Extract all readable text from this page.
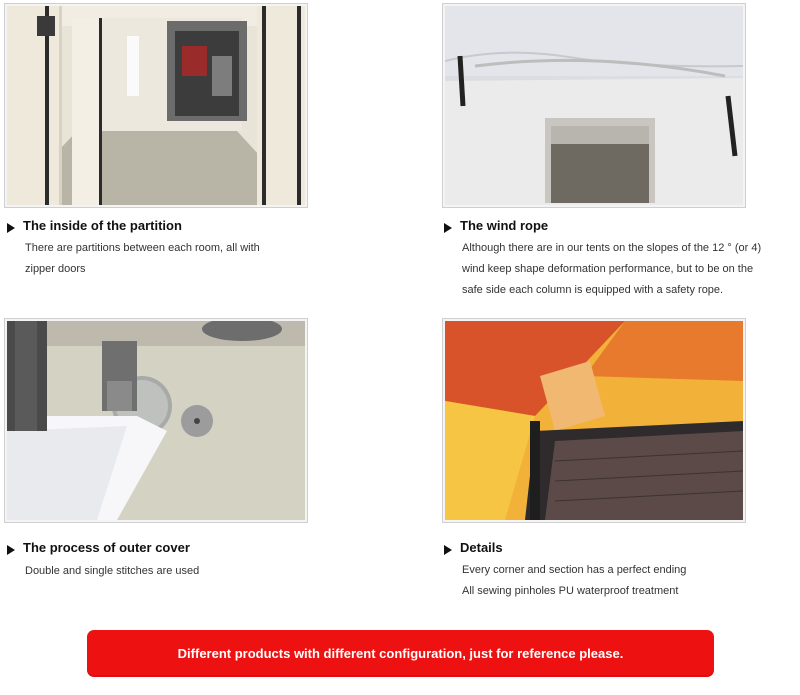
The inside of the partition
There are partitions between each room, all with
zipper doors
The wind rope
Although there are in our tents on the slopes of the 12 ° (or 4)
wind keep shape deformation performance, but to be on the
safe side each column is equipped with a safety rope.
The process of outer cover
Double and single stitches are used
Details
Every corner and section has a perfect ending
All sewing pinholes PU waterproof treatment
Different products with different configuration, just for reference please.
